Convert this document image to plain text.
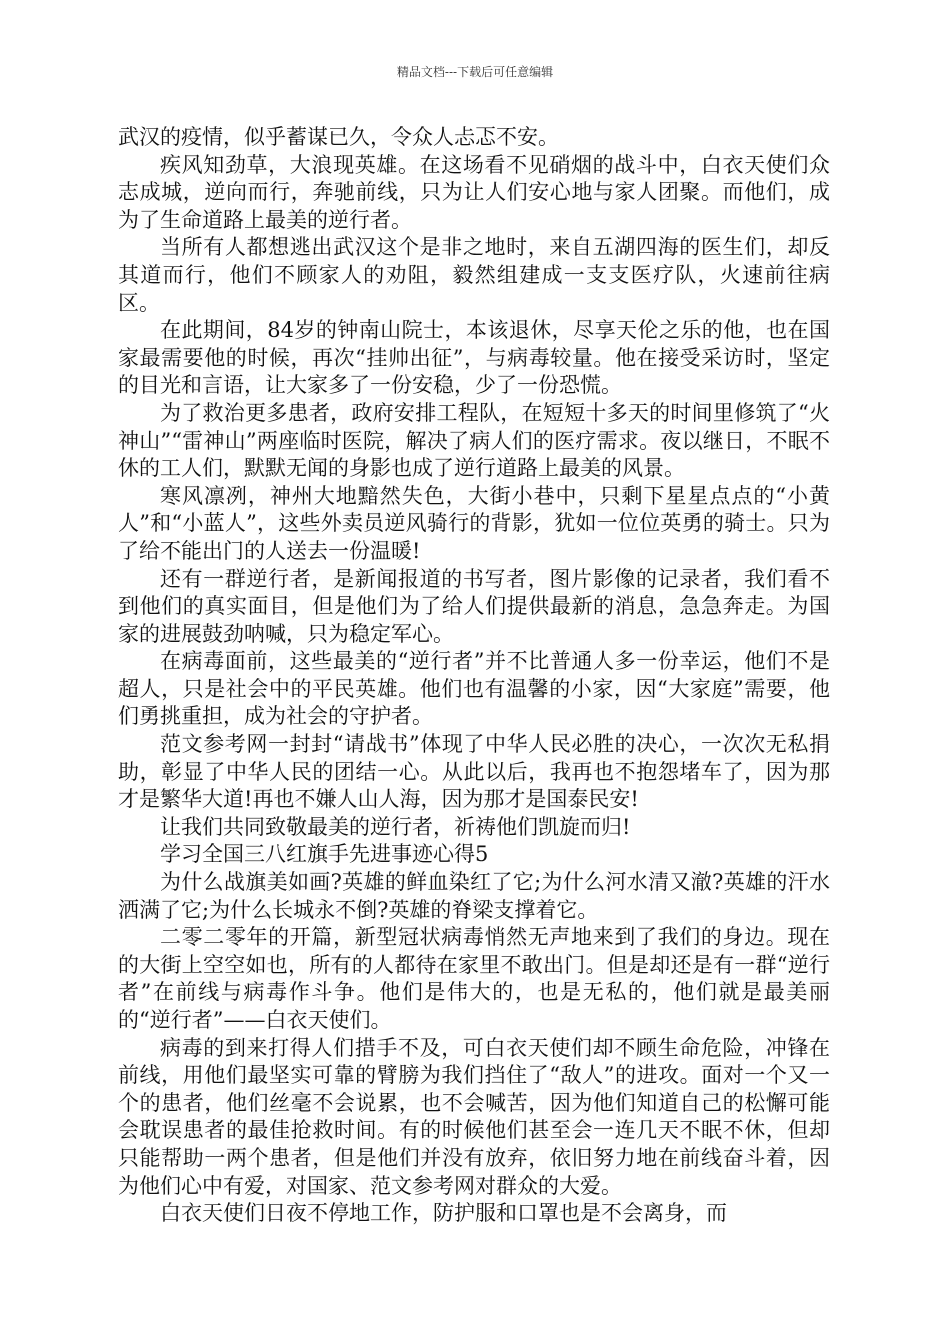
精品文档---下载后可任意编辑

武汉的疫情，似乎蓄谋已久，令众人忐忑不安。

疾风知劲草，大浪现英雄。在这场看不见硝烟的战斗中，白衣天使们众志成城，逆向而行，奔驰前线，只为让人们安心地与家人团聚。而他们，成为了生命道路上最美的逆行者。

当所有人都想逃出武汉这个是非之地时，来自五湖四海的医生们，却反其道而行，他们不顾家人的劝阻，毅然组建成一支支医疗队，火速前往病区。

在此期间，84岁的钟南山院士，本该退休，尽享天伦之乐的他，也在国家最需要他的时候，再次“挂帅出征”，与病毒较量。他在接受采访时，坚定的目光和言语，让大家多了一份安稳，少了一份恐慌。

为了救治更多患者，政府安排工程队，在短短十多天的时间里修筑了“火神山”“雷神山”两座临时医院，解决了病人们的医疗需求。夜以继日，不眠不休的工人们，默默无闻的身影也成了逆行道路上最美的风景。

寒风凛冽，神州大地黯然失色，大街小巷中，只剩下星星点点的“小黄人”和“小蓝人”，这些外卖员逆风骑行的背影，犹如一位位英勇的骑士。只为了给不能出门的人送去一份温暖!

还有一群逆行者，是新闻报道的书写者，图片影像的记录者，我们看不到他们的真实面目，但是他们为了给人们提供最新的消息，急急奔走。为国家的进展鼓劲呐喊，只为稳定军心。

在病毒面前，这些最美的“逆行者”并不比普通人多一份幸运，他们不是超人，只是社会中的平民英雄。他们也有温馨的小家，因“大家庭”需要，他们勇挑重担，成为社会的守护者。

范文参考网一封封“请战书”体现了中华人民必胜的决心，一次次无私捐助，彰显了中华人民的团结一心。从此以后，我再也不抱怨堵车了，因为那才是繁华大道!再也不嫌人山人海，因为那才是国泰民安!

让我们共同致敬最美的逆行者，祈祷他们凯旋而归!

学习全国三八红旗手先进事迹心得5

为什么战旗美如画?英雄的鲜血染红了它;为什么河水清又澈?英雄的汗水洒满了它;为什么长城永不倒?英雄的脊梁支撑着它。

二零二零年的开篇，新型冠状病毒悄然无声地来到了我们的身边。现在的大街上空空如也，所有的人都待在家里不敢出门。但是却还是有一群“逆行者”在前线与病毒作斗争。他们是伟大的，也是无私的，他们就是最美丽的“逆行者”——白衣天使们。

病毒的到来打得人们措手不及，可白衣天使们却不顾生命危险，冲锋在前线，用他们最坚实可靠的臂膀为我们挡住了“敌人”的进攻。面对一个又一个的患者，他们丝毫不会说累，也不会喊苦，因为他们知道自己的松懈可能会耽误患者的最佳抢救时间。有的时候他们甚至会一连几天不眠不休，但却只能帮助一两个患者，但是他们并没有放弃，依旧努力地在前线奋斗着，因为他们心中有爱，对国家、范文参考网对群众的大爱。

白衣天使们日夜不停地工作，防护服和口罩也是不会离身，而
